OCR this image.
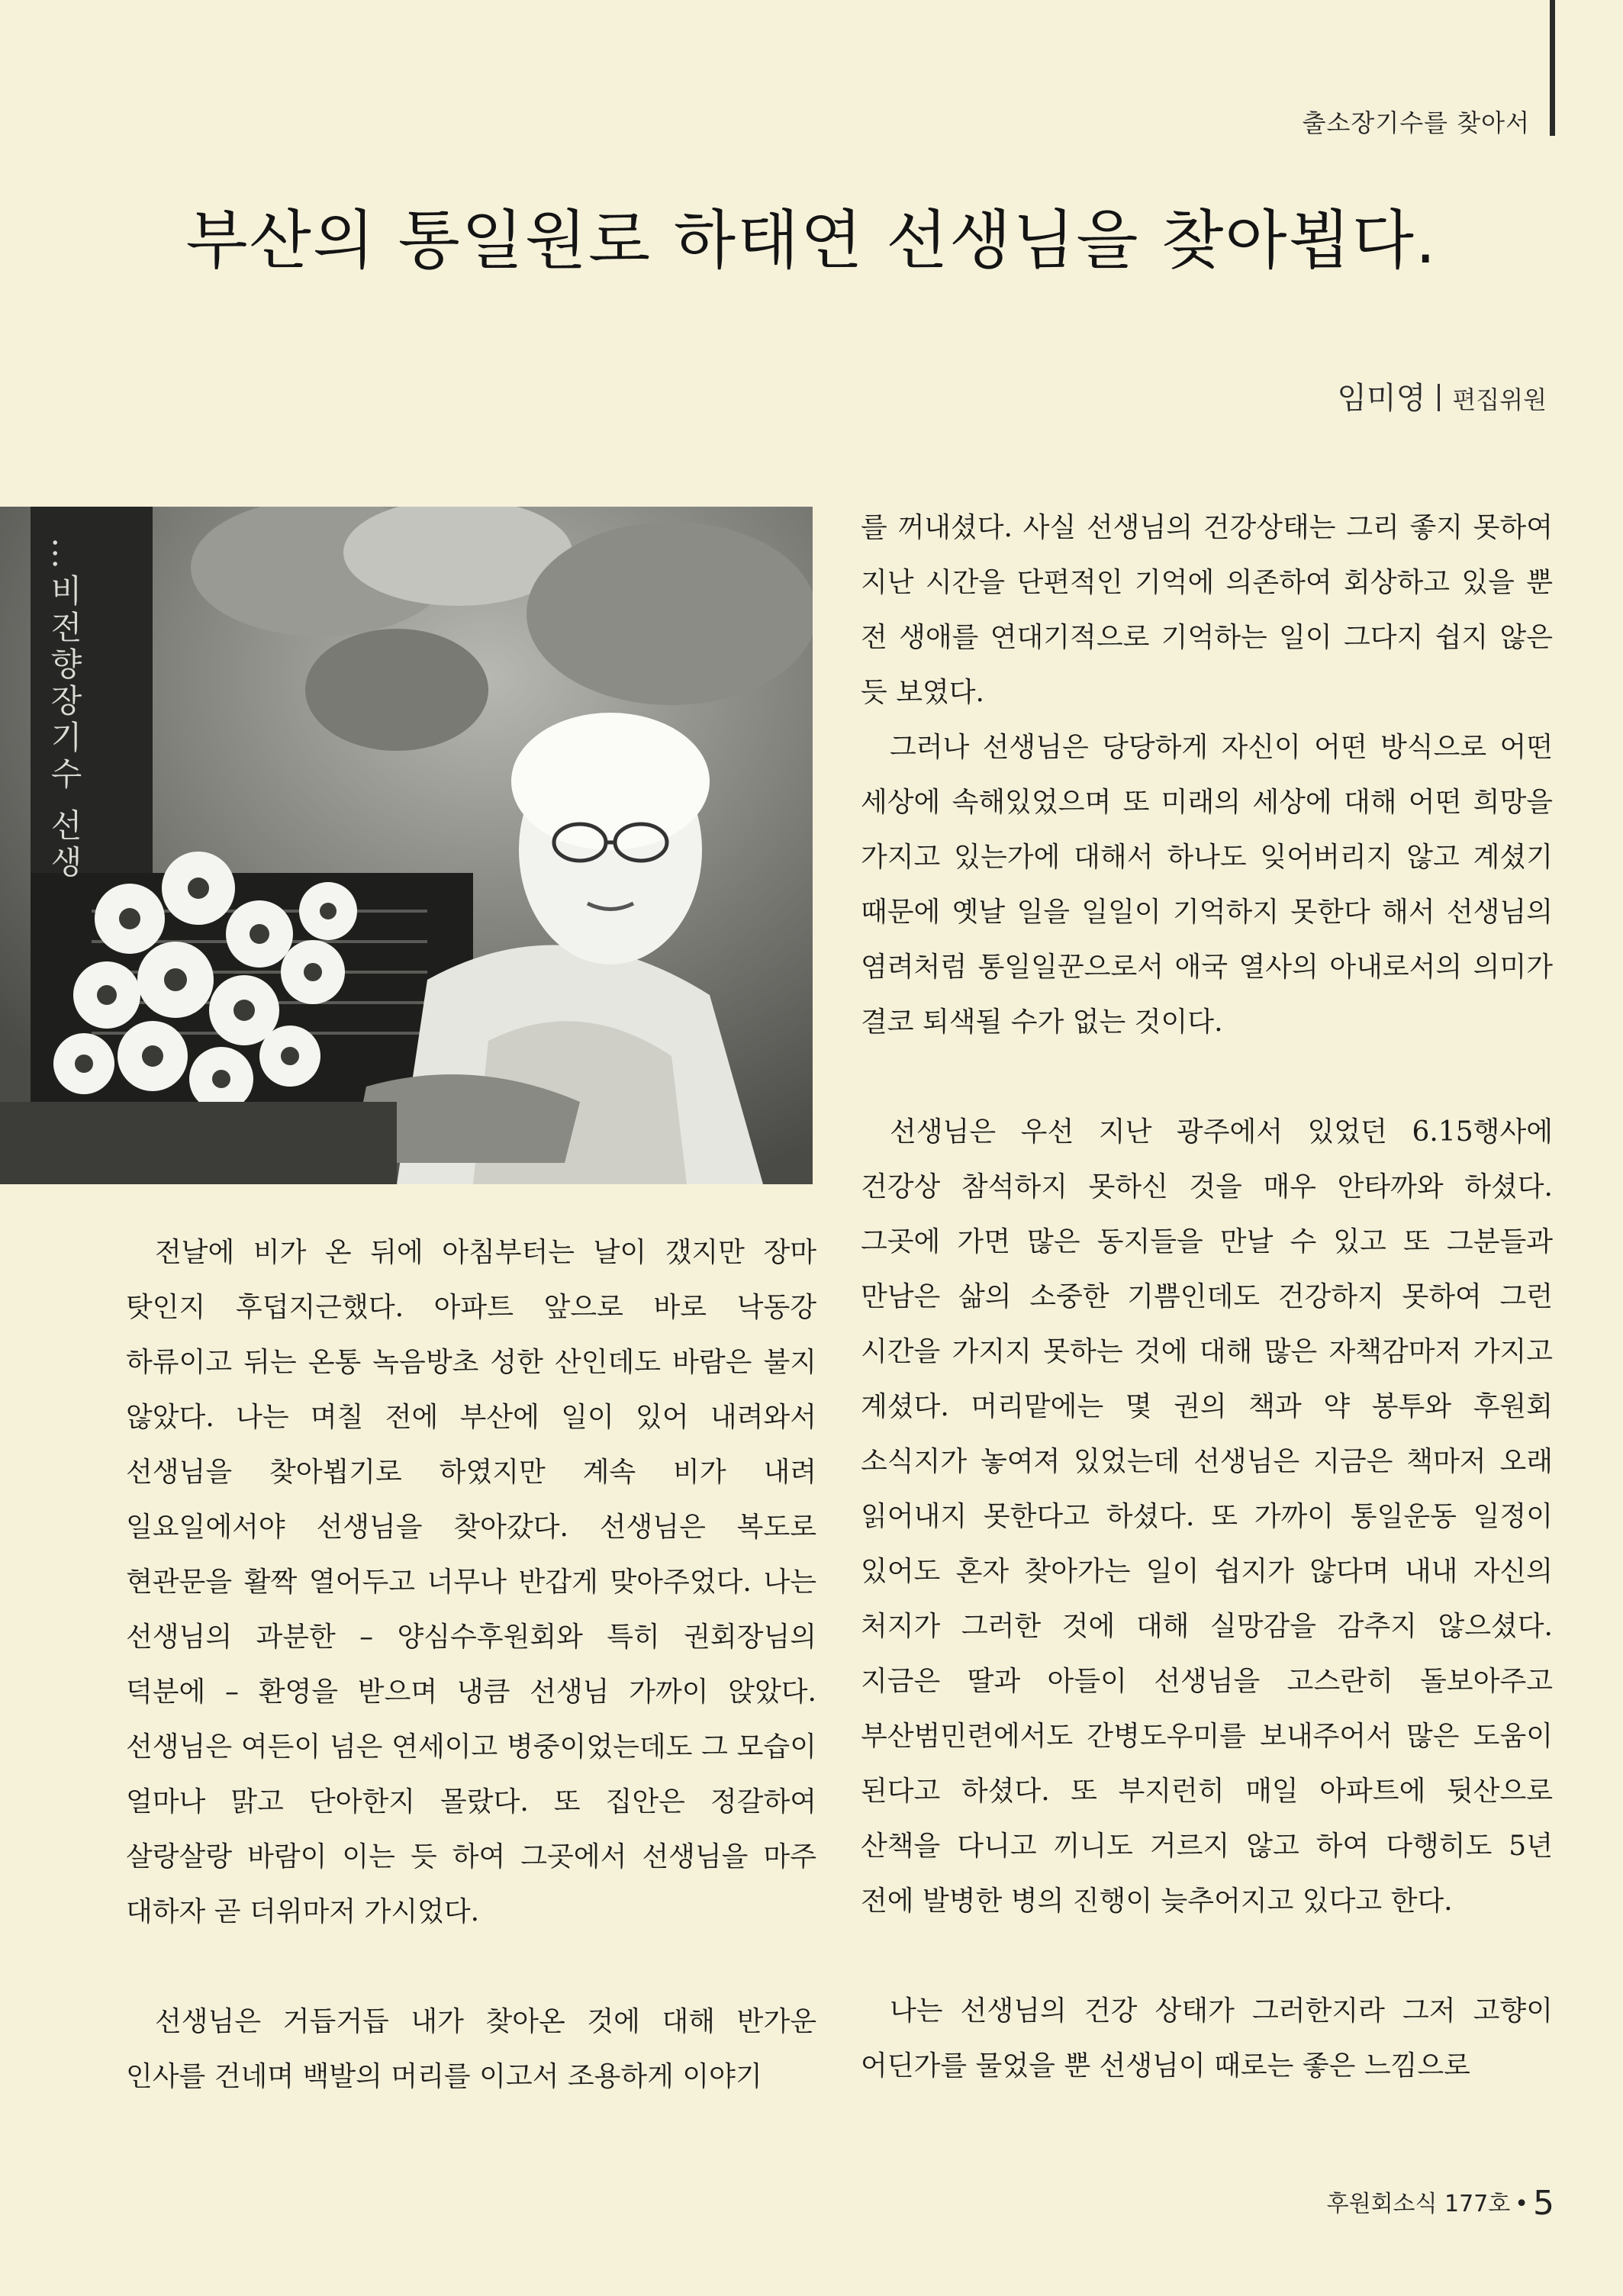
출소장기수를 찾아서
부산의 통일원로 하태연 선생님을 찾아뵙다.
임미영 편집위원
…비전향장기수 선생

전날에 비가 온 뒤에 아침부터는 날이 갰지만 장마 탓인지 후덥지근했다. 아파트 앞으로 바로 낙동강 하류이고 뒤는 온통 녹음방초 성한 산인데도 바람은 불지 않았다. 나는 며칠 전에 부산에 일이 있어 내려와서 선생님을 찾아뵙기로 하였지만 계속 비가 내려 일요일에서야 선생님을 찾아갔다. 선생님은 복도로 현관문을 활짝 열어두고 너무나 반갑게 맞아주었다. 나는 선생님의 과분한 – 양심수후원회와 특히 권회장님의 덕분에 – 환영을 받으며 냉큼 선생님 가까이 앉았다. 선생님은 여든이 넘은 연세이고 병중이었는데도 그 모습이 얼마나 맑고 단아한지 몰랐다. 또 집안은 정갈하여 살랑살랑 바람이 이는 듯 하여 그곳에서 선생님을 마주 대하자 곧 더위마저 가시었다.

선생님은 거듭거듭 내가 찾아온 것에 대해 반가운 인사를 건네며 백발의 머리를 이고서 조용하게 이야기

를 꺼내셨다. 사실 선생님의 건강상태는 그리 좋지 못하여 지난 시간을 단편적인 기억에 의존하여 회상하고 있을 뿐 전 생애를 연대기적으로 기억하는 일이 그다지 쉽지 않은 듯 보였다.

그러나 선생님은 당당하게 자신이 어떤 방식으로 어떤 세상에 속해있었으며 또 미래의 세상에 대해 어떤 희망을 가지고 있는가에 대해서 하나도 잊어버리지 않고 계셨기 때문에 옛날 일을 일일이 기억하지 못한다 해서 선생님의 염려처럼 통일일꾼으로서 애국 열사의 아내로서의 의미가 결코 퇴색될 수가 없는 것이다.

선생님은 우선 지난 광주에서 있었던 6.15행사에 건강상 참석하지 못하신 것을 매우 안타까와 하셨다. 그곳에 가면 많은 동지들을 만날 수 있고 또 그분들과 만남은 삶의 소중한 기쁨인데도 건강하지 못하여 그런 시간을 가지지 못하는 것에 대해 많은 자책감마저 가지고 계셨다. 머리맡에는 몇 권의 책과 약 봉투와 후원회 소식지가 놓여져 있었는데 선생님은 지금은 책마저 오래 읽어내지 못한다고 하셨다. 또 가까이 통일운동 일정이 있어도 혼자 찾아가는 일이 쉽지가 않다며 내내 자신의 처지가 그러한 것에 대해 실망감을 감추지 않으셨다. 지금은 딸과 아들이 선생님을 고스란히 돌보아주고 부산범민련에서도 간병도우미를 보내주어서 많은 도움이 된다고 하셨다. 또 부지런히 매일 아파트에 뒷산으로 산책을 다니고 끼니도 거르지 않고 하여 다행히도 5년 전에 발병한 병의 진행이 늦추어지고 있다고 한다.

나는 선생님의 건강 상태가 그러한지라 그저 고향이 어딘가를 물었을 뿐 선생님이 때로는 좋은 느낌으로

후원회소식 177호 • 5
